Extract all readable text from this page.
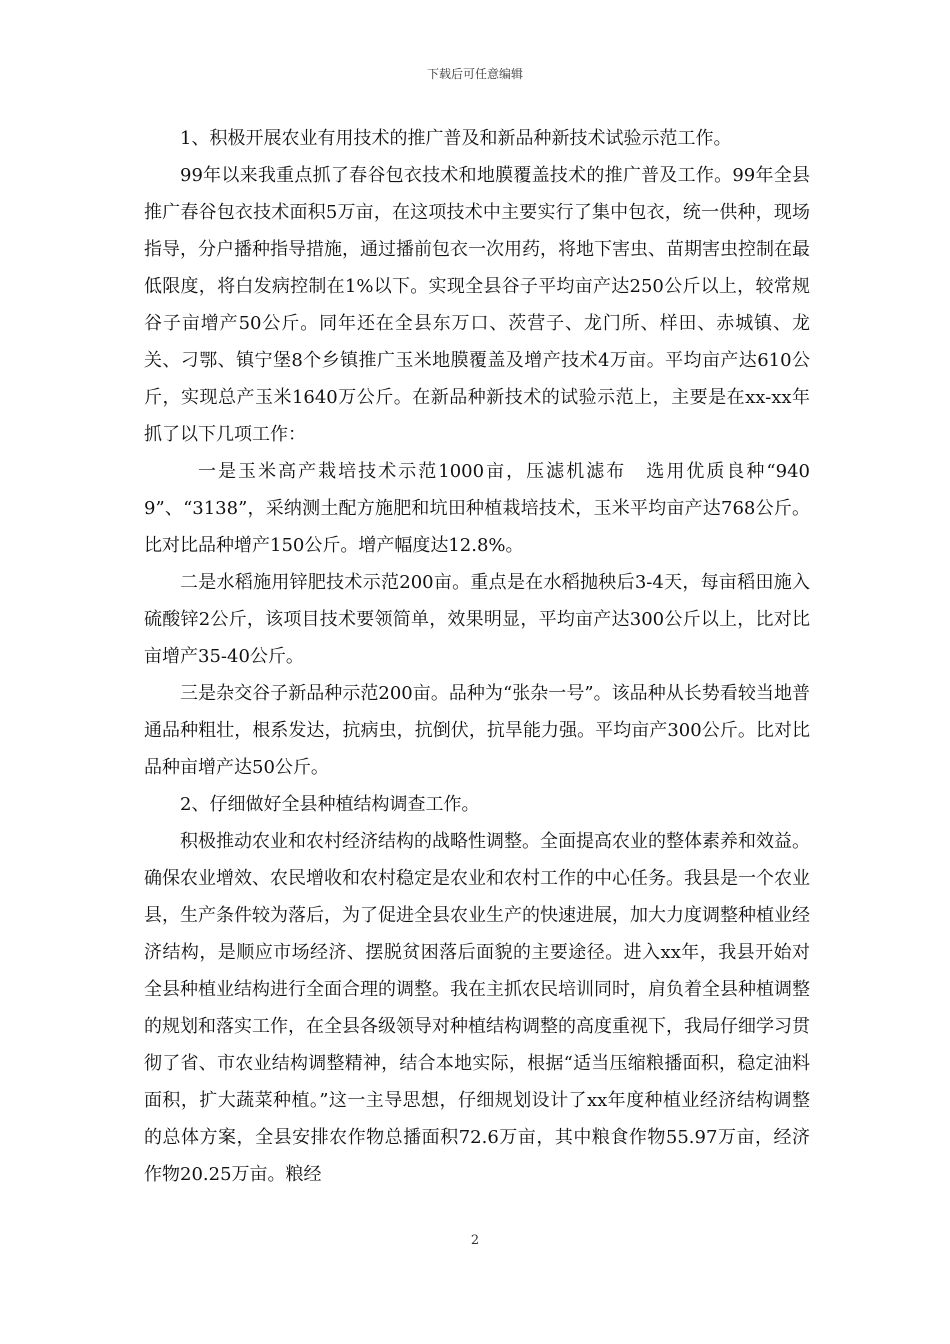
下载后可任意编辑

1、积极开展农业有用技术的推广普及和新品种新技术试验示范工作。

99年以来我重点抓了春谷包衣技术和地膜覆盖技术的推广普及工作。99年全县推广春谷包衣技术面积5万亩，在这项技术中主要实行了集中包衣，统一供种，现场指导，分户播种指导措施，通过播前包衣一次用药，将地下害虫、苗期害虫控制在最低限度，将白发病控制在1%以下。实现全县谷子平均亩产达250公斤以上，较常规谷子亩增产50公斤。同年还在全县东万口、茨营子、龙门所、样田、赤城镇、龙关、刁鄂、镇宁堡8个乡镇推广玉米地膜覆盖及增产技术4万亩。平均亩产达610公斤，实现总产玉米1640万公斤。在新品种新技术的试验示范上，主要是在xx-xx年抓了以下几项工作：

一是玉米高产栽培技术示范1000亩，压滤机滤布　选用优质良种“9409”、“3138”，采纳测土配方施肥和坑田种植栽培技术，玉米平均亩产达768公斤。比对比品种增产150公斤。增产幅度达12.8%。

二是水稻施用锌肥技术示范200亩。重点是在水稻抛秧后3-4天，每亩稻田施入硫酸锌2公斤，该项目技术要领简单，效果明显，平均亩产达300公斤以上，比对比亩增产35-40公斤。

三是杂交谷子新品种示范200亩。品种为“张杂一号”。该品种从长势看较当地普通品种粗壮，根系发达，抗病虫，抗倒伏，抗旱能力强。平均亩产300公斤。比对比品种亩增产达50公斤。

2、仔细做好全县种植结构调查工作。

积极推动农业和农村经济结构的战略性调整。全面提高农业的整体素养和效益。确保农业增效、农民增收和农村稳定是农业和农村工作的中心任务。我县是一个农业县，生产条件较为落后，为了促进全县农业生产的快速进展，加大力度调整种植业经济结构，是顺应市场经济、摆脱贫困落后面貌的主要途径。进入xx年，我县开始对全县种植业结构进行全面合理的调整。我在主抓农民培训同时，肩负着全县种植调整的规划和落实工作，在全县各级领导对种植结构调整的高度重视下，我局仔细学习贯彻了省、市农业结构调整精神，结合本地实际，根据“适当压缩粮播面积，稳定油料面积，扩大蔬菜种植。”这一主导思想，仔细规划设计了xx年度种植业经济结构调整的总体方案，全县安排农作物总播面积72.6万亩，其中粮食作物55.97万亩，经济作物20.25万亩。粮经

2
